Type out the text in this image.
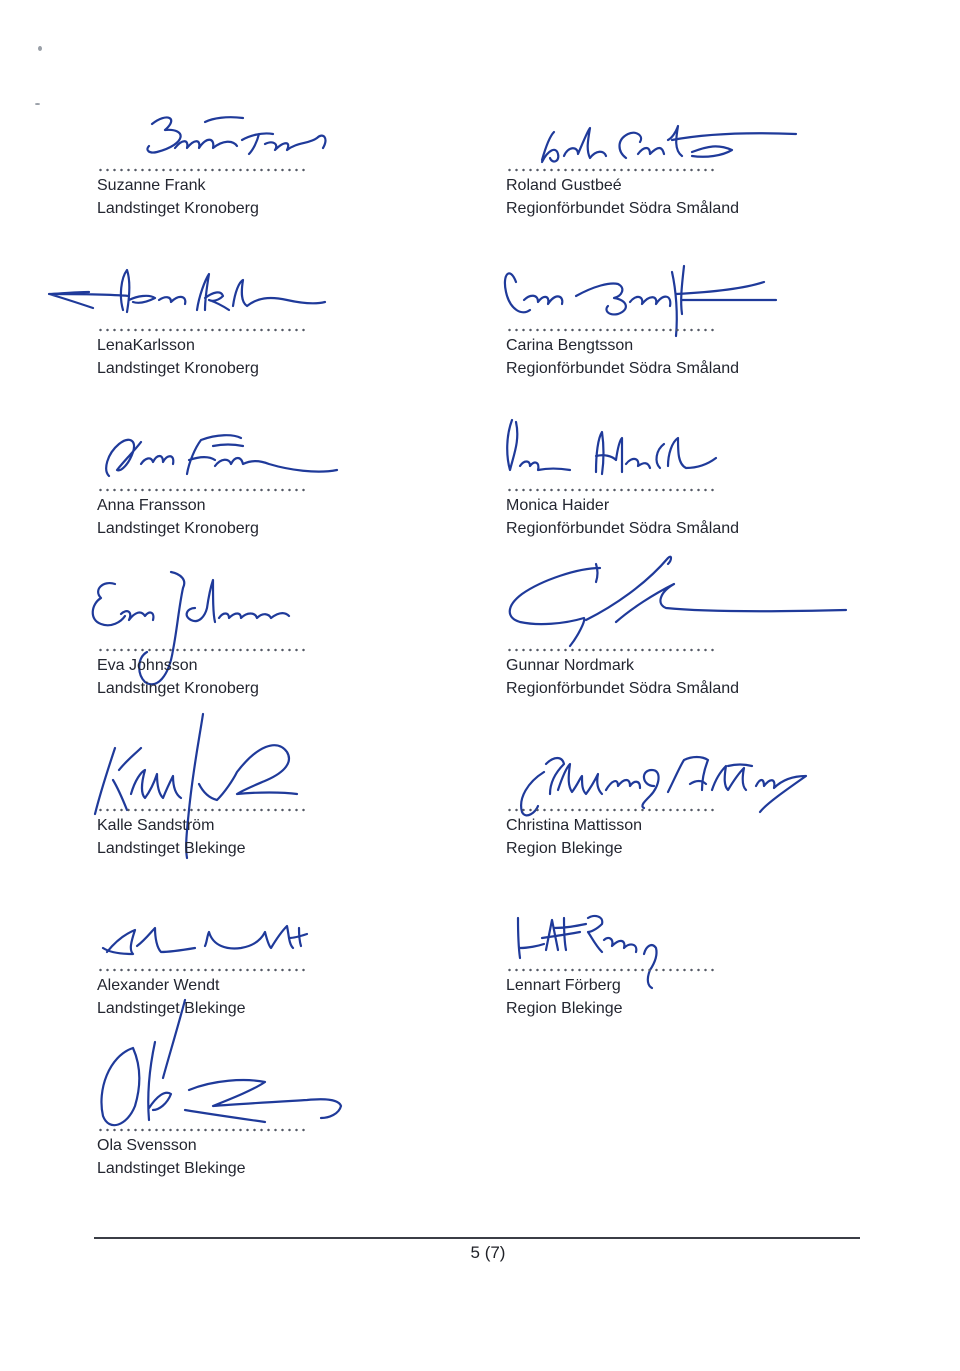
Suzanne Frank
Landstinget Kronoberg
Roland Gustbeé
Regionförbundet Södra Småland
LenaKarlsson
Landstinget Kronoberg
Carina Bengtsson
Regionförbundet Södra Småland
Anna Fransson
Landstinget Kronoberg
Monica Haider
Regionförbundet Södra Småland
Eva Johnsson
Landstinget Kronoberg
Gunnar Nordmark
Regionförbundet Södra Småland
Kalle Sandström
Landstinget Blekinge
Christina Mattisson
Region Blekinge
Alexander Wendt
Landstinget Blekinge
Lennart Förberg
Region Blekinge
Ola Svensson
Landstinget Blekinge
5 (7)
